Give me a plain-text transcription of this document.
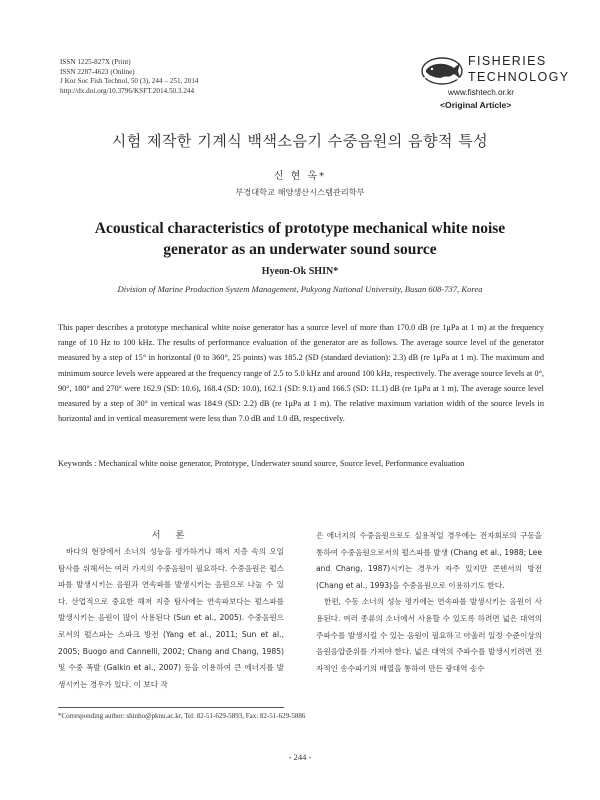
ISSN 1225-827X (Print)
ISSN 2287-4623 (Online)
J Kor Soc Fish Technol, 50 (3), 244 – 251, 2014
http://dx.doi.org/10.3796/KSFT.2014.50.3.244
FISHERIES
TECHNOLOGY
www.fishtech.or.kr
<Original Article>
시험 제작한 기계식 백색소음기 수중음원의 음향적 특성
신 현 옥*
부경대학교 해양생산시스템관리학부
Acoustical characteristics of prototype mechanical white noise
generator as an underwater sound source
Hyeon-Ok SHIN*
Division of Marine Production System Management, Pukyong National University, Busan 608-737, Korea
This paper describes a prototype mechanical white noise generator has a source level of more than 170.0 dB (re 1μPa at 1 m) at the frequency range of 10 Hz to 100 kHz. The results of performance evaluation of the generator are as follows. The average source level of the generator measured by a step of 15° in horizontal (0 to 360°, 25 points) was 185.2 (SD (standard deviation): 2.3) dB (re 1μPa at 1 m). The maximum and minimum source levels were appeared at the frequency range of 2.5 to 5.0 kHz and around 100 kHz, respectively. The average source levels at 0°, 90°, 180° and 270° were 162.9 (SD: 10.6), 168.4 (SD: 10.0), 162.1 (SD: 9.1) and 166.5 (SD: 11.1) dB (re 1μPa at 1 m). The average source level measured by a step of 30° in vertical was 184.9 (SD: 2.2) dB (re 1μPa at 1 m). The relative maximum variation width of the source levels in horizontal and in vertical measurement were less than 7.0 dB and 1.0 dB, respectively.
Keywords : Mechanical white noise generator, Prototype, Underwater sound source, Source level, Performance evaluation
서 론

바다의 현장에서 소너의 성능을 평가하거나 해저 지층 속의 오일 탐사를 위해서는 여러 가지의 수중음원이 필요하다. 수중음원은 펄스파를 발생시키는 음원과 연속파를 발생시키는 음원으로 나눌 수 있다. 산업적으로 중요한 해저 지층 탐사에는 연속파보다는 펄스파를 발생시키는 음원이 많이 사용된다 (Sun et al., 2005). 수중음원으로서의 펄스파는 스파크 방전 (Yang et al., 2011; Sun et al., 2005; Buogo and Cannelli, 2002; Chang and Chang, 1985) 및 수중 폭발 (Galkin et al., 2007) 등을 이용하여 큰 에너지를 발생시키는 경우가 있다. 이 보다 작

은 에너지의 수중음원으로도 실용적일 경우에는 전자회로의 구동을 통하여 수중음원으로서의 펄스파를 발생 (Chang et al., 1988; Lee and Chang, 1987)시키는 경우가 자주 있지만 콘덴서의 방전 (Chang et al., 1993)을 수중음원으로 이용하기도 한다.

한편, 수동 소너의 성능 평가에는 연속파를 발생시키는 음원이 사용된다. 여러 종류의 소너에서 사용할 수 있도록 하려면 넓은 대역의 주파수를 발생시킬 수 있는 음원이 필요하고 아울러 일정 수준이상의 음원음압준위를 가져야 한다. 넓은 대역의 주파수를 발생시키려면 전자적인 송수파기의 배열을 통하여 만든 광대역 송수

*Corresponding author: shinho@pknu.ac.kr, Tel: 82-51-629-5893, Fax: 82-51-629-5886
- 244 -
